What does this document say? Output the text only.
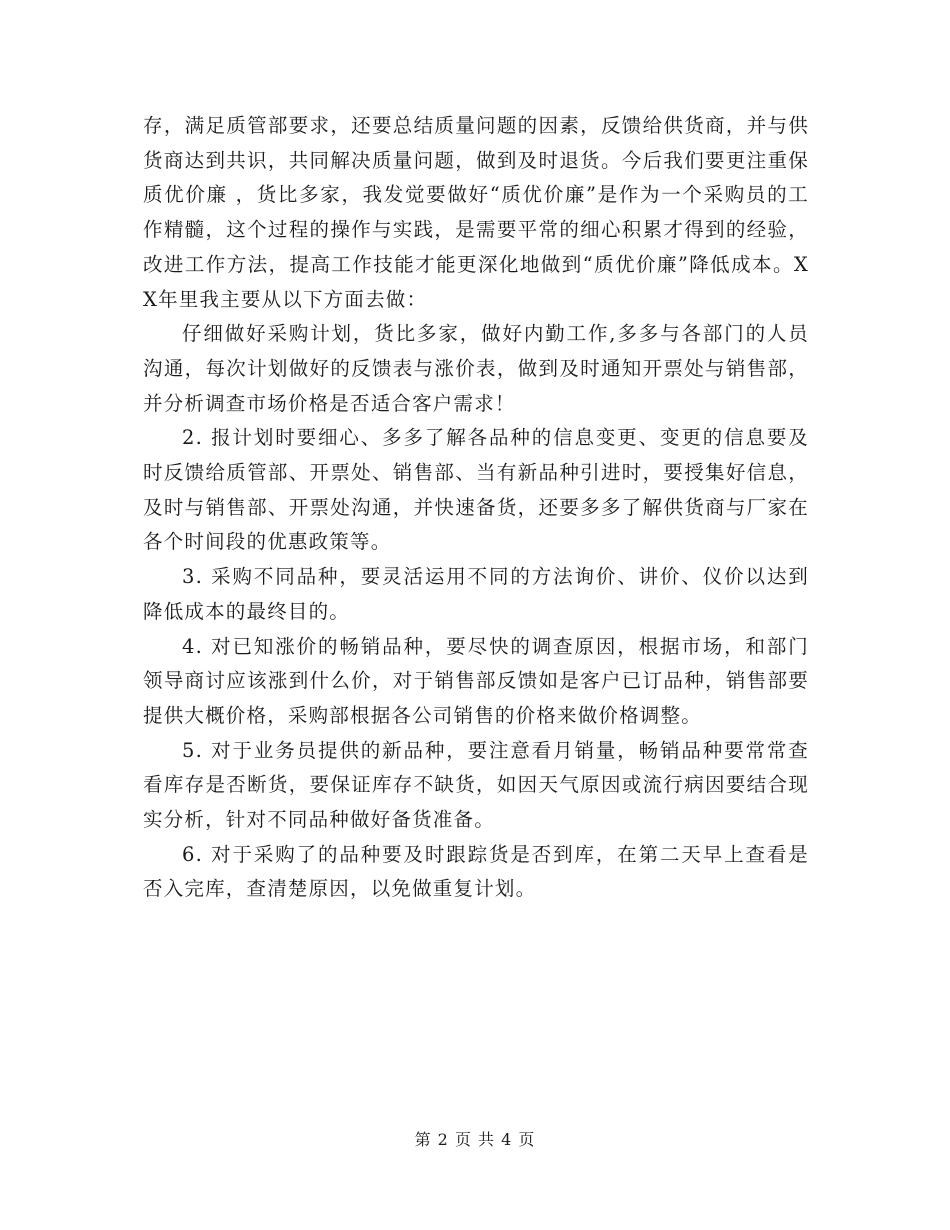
存，满足质管部要求，还要总结质量问题的因素，反馈给供货商，并与供货商达到共识，共同解决质量问题，做到及时退货。今后我们要更注重保质优价廉 ，货比多家，我发觉要做好“质优价廉”是作为一个采购员的工作精髓，这个过程的操作与实践，是需要平常的细心积累才得到的经验，改进工作方法，提高工作技能才能更深化地做到“质优价廉”降低成本。XX年里我主要从以下方面去做：

仔细做好采购计划，货比多家，做好内勤工作,多多与各部门的人员沟通，每次计划做好的反馈表与涨价表，做到及时通知开票处与销售部，并分析调查市场价格是否适合客户需求！

2. 报计划时要细心、多多了解各品种的信息变更、变更的信息要及时反馈给质管部、开票处、销售部、当有新品种引进时，要授集好信息，及时与销售部、开票处沟通，并快速备货，还要多多了解供货商与厂家在各个时间段的优惠政策等。

3. 采购不同品种，要灵活运用不同的方法询价、讲价、仪价以达到降低成本的最终目的。

4. 对已知涨价的畅销品种，要尽快的调查原因，根据市场，和部门领导商讨应该涨到什么价，对于销售部反馈如是客户已订品种，销售部要提供大概价格，采购部根据各公司销售的价格来做价格调整。

5. 对于业务员提供的新品种，要注意看月销量，畅销品种要常常查看库存是否断货，要保证库存不缺货，如因天气原因或流行病因要结合现实分析，针对不同品种做好备货准备。

6. 对于采购了的品种要及时跟踪货是否到库，在第二天早上查看是否入完库，查清楚原因，以免做重复计划。

第 2 页 共 4 页
